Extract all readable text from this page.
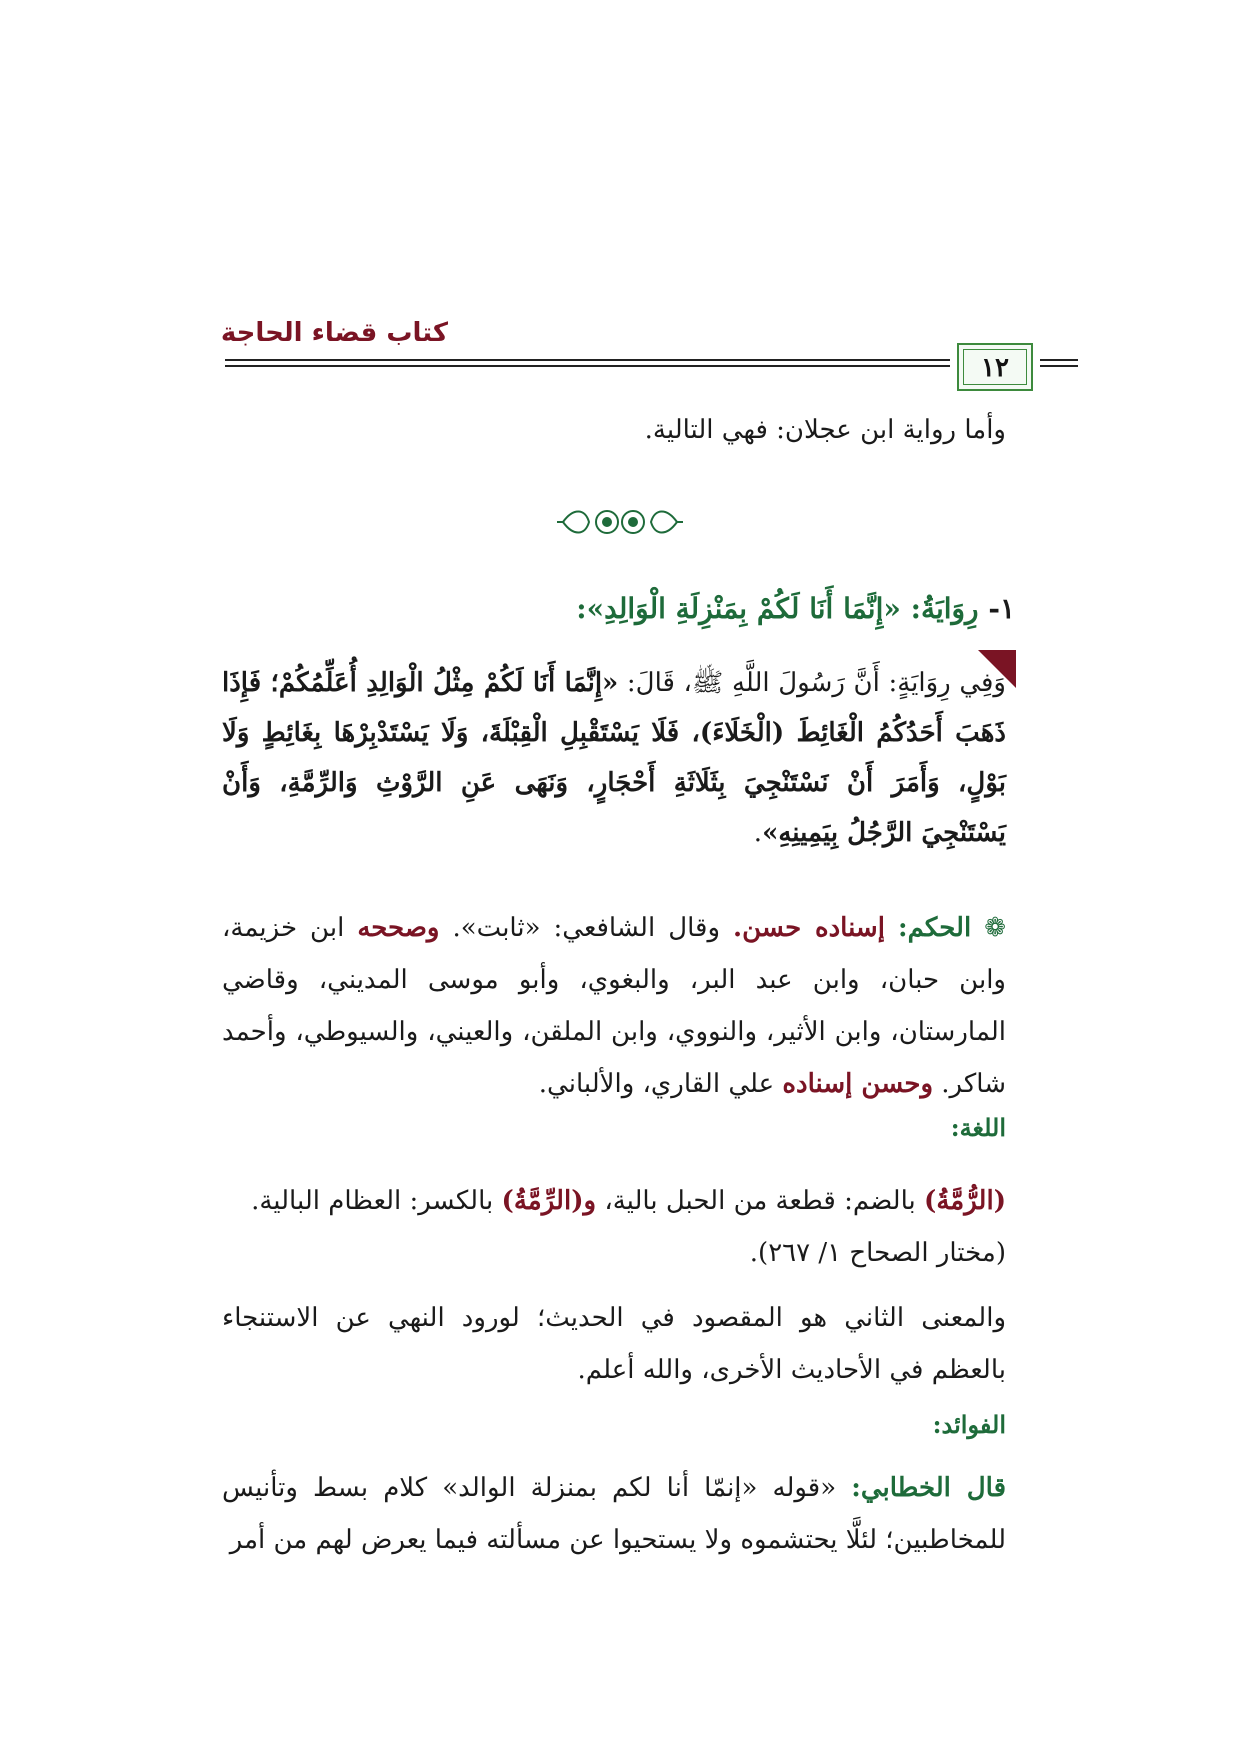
كتاب قضاء الحاجة
١٢
وأما رواية ابن عجلان: فهي التالية.
١- رِوَايَةُ: «إِنَّمَا أَنَا لَكُمْ بِمَنْزِلَةِ الْوَالِدِ»:
وَفِي رِوَايَةٍ: أَنَّ رَسُولَ اللَّهِ ﷺ، قَالَ: «إِنَّمَا أَنَا لَكُمْ مِثْلُ الْوَالِدِ أُعَلِّمُكُمْ؛ فَإِذَا ذَهَبَ أَحَدُكُمُ الْغَائِطَ (الْخَلَاءَ)، فَلَا يَسْتَقْبِلِ الْقِبْلَةَ، وَلَا يَسْتَدْبِرْهَا بِغَائِطٍ وَلَا بَوْلٍ، وَأَمَرَ أَنْ نَسْتَنْجِيَ بِثَلَاثَةِ أَحْجَارٍ، وَنَهَى عَنِ الرَّوْثِ وَالرِّمَّةِ، وَأَنْ يَسْتَنْجِيَ الرَّجُلُ بِيَمِينِهِ».
❁ الحكم: إسناده حسن. وقال الشافعي: «ثابت». وصححه ابن خزيمة، وابن حبان، وابن عبد البر، والبغوي، وأبو موسى المديني، وقاضي المارستان، وابن الأثير، والنووي، وابن الملقن، والعيني، والسيوطي، وأحمد شاكر. وحسن إسناده علي القاري، والألباني.
اللغة:
(الرُّمَّةُ) بالضم: قطعة من الحبل بالية، و(الرِّمَّةُ) بالكسر: العظام البالية.
(مختار الصحاح ١/ ٢٦٧).
والمعنى الثاني هو المقصود في الحديث؛ لورود النهي عن الاستنجاء بالعظم في الأحاديث الأخرى، والله أعلم.
الفوائد:
قال الخطابي: «قوله «إنمّا أنا لكم بمنزلة الوالد» كلام بسط وتأنيس للمخاطبين؛ لئلَّا يحتشموه ولا يستحيوا عن مسألته فيما يعرض لهم من أمر
